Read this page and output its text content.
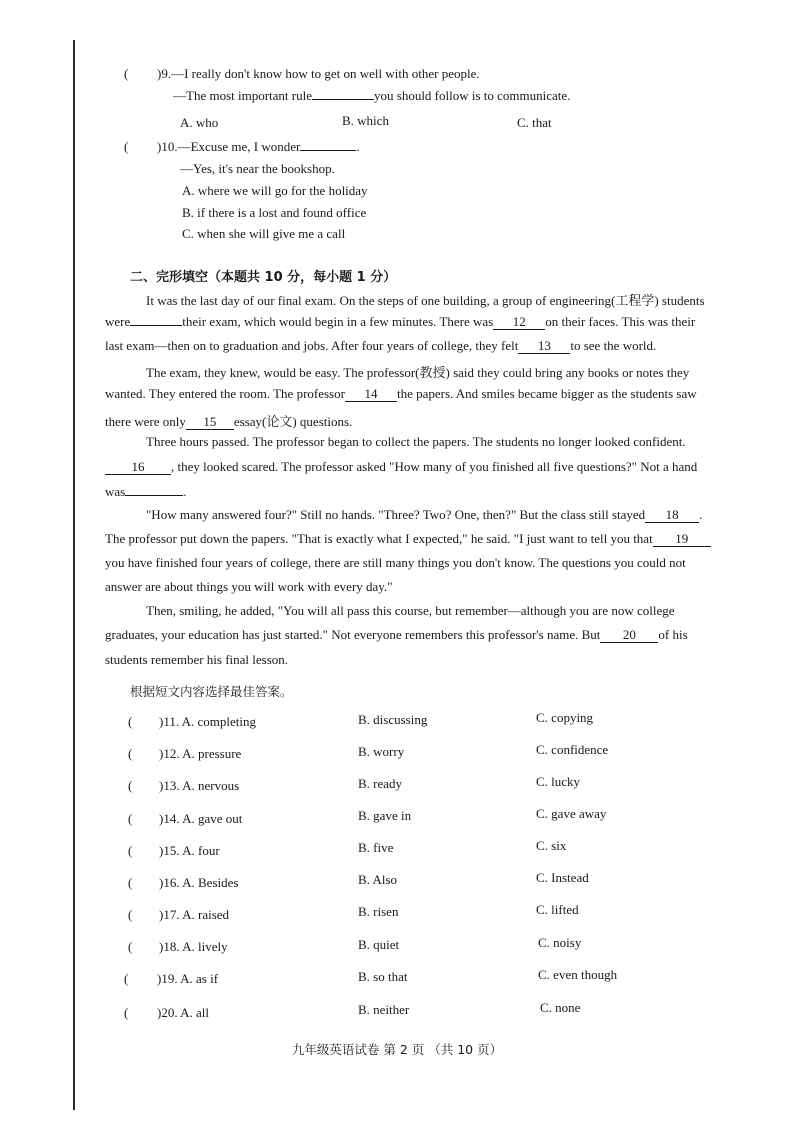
( )9.—I really don't know how to get on well with other people.
—The most important rule	you should follow is to communicate.
A. who	B. which	C. that
( )10.—Excuse me, I wonder	.
—Yes, it's near the bookshop.
A. where we will go for the holiday
B. if there is a lost and found office
C. when she will give me a call
二、完形填空（本题共 10 分，每小题 1 分）
It was the last day of our final exam. On the steps of one building, a group of engineering(工程学) students
were	their exam, which would begin in a few minutes. There was 12 on their faces. This was their
last exam—then on to graduation and jobs. After four years of college, they felt 13 to see the world.
The exam, they knew, would be easy. The professor(教授) said they could bring any books or notes they
wanted. They entered the room. The professor 14 the papers. And smiles became bigger as the students saw
there were only 15 essay(论文) questions.
Three hours passed. The professor began to collect the papers. The students no longer looked confident.
16 , they looked scared. The professor asked "How many of you finished all five questions?" Not a hand
was	.
"How many answered four?" Still no hands. "Three? Two? One, then?" But the class still stayed 18 .
The professor put down the papers. "That is exactly what I expected," he said. "I just want to tell you that 19
you have finished four years of college, there are still many things you don't know. The questions you could not
answer are about things you will work with every day."
Then, smiling, he added, "You will all pass this course, but remember—although you are now college
graduates, your education has just started." Not everyone remembers this professor's name. But 20 of his
students remember his final lesson.
根据短文内容选择最佳答案。
( )11. A. completing	B. discussing	C. copying
( )12. A. pressure	B. worry	C. confidence
( )13. A. nervous	B. ready	C. lucky
( )14. A. gave out	B. gave in	C. gave away
( )15. A. four	B. five	C. six
( )16. A. Besides	B. Also	C. Instead
( )17. A. raised	B. risen	C. lifted
( )18. A. lively	B. quiet	C. noisy
( )19. A. as if	B. so that	C. even though
( )20. A. all	B. neither	C. none
九年级英语试卷 第 2 页 （共 10 页）
